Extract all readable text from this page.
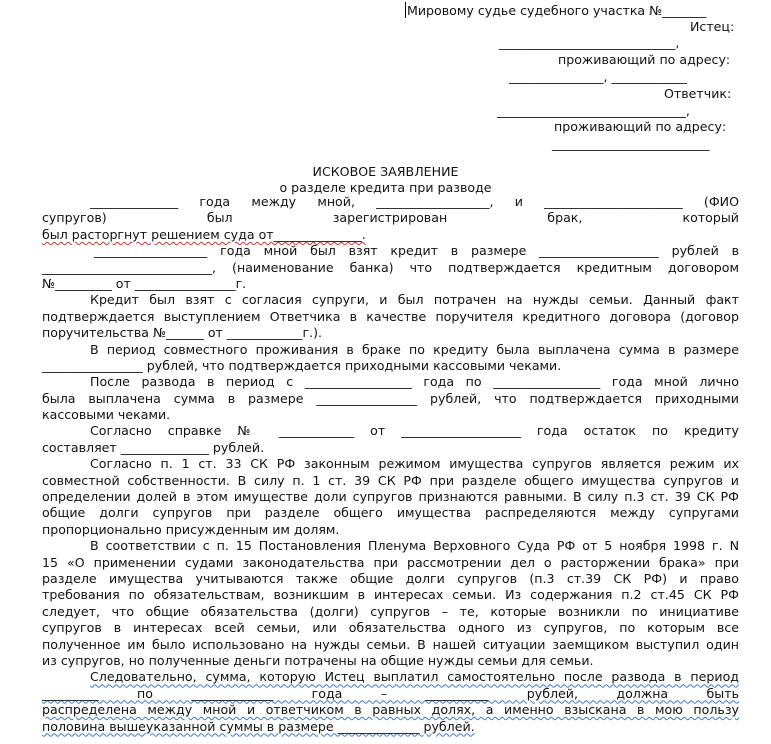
Мировому судье судебного участка №_______
Истец:
____________________________,
проживающий по адресу:
_______________, ____________
Ответчик:
______________________________,
проживающий по адресу:
_________________________
ИСКОВОЕ ЗАЯВЛЕНИЕ
о разделе кредита при разводе
______________ года между мной, __________________, и ______________________ (ФИО
супругов) был зарегистрирован брак, который
был расторгнут решением суда от______________.
__________________ года мной был взят кредит в размере ___________________ рублей в
___________________________, (наименование банка) что подтверждается кредитным договором
№_________ от ________________г.
Кредит был взят с согласия супруги, и был потрачен на нужды семьи. Данный факт
подтверждается выступлением Ответчика в качестве поручителя кредитного договора (договор
поручительства №______ от ____________г.).
В период совместного проживания в браке по кредиту была выплачена сумма в размере
________________ рублей, что подтверждается приходными кассовыми чеками.
После развода в период с _________________ года по _________________ года мной лично
была выплачена сумма в размере ________________ рублей, что подтверждается приходными
кассовыми чеками.
Согласно справке № ____________ от ___________________ года остаток по кредиту
составляет ______________ рублей.
Согласно п. 1 ст. 33 СК РФ законным режимом имущества супругов является режим их
совместной собственности. В силу п. 1 ст. 39 СК РФ при разделе общего имущества супругов и
определении долей в этом имуществе доли супругов признаются равными. В силу п.3 ст. 39 СК РФ
общие долги супругов при разделе общего имущества распределяются между супругами
пропорционально присужденным им долям.
В соответствии с п. 15 Постановления Пленума Верховного Суда РФ от 5 ноября 1998 г. N
15 «О применении судами законодательства при рассмотрении дел о расторжении брака» при
разделе имущества учитываются также общие долги супругов (п.3 ст.39 СК РФ) и право
требования по обязательствам, возникшим в интересах семьи. Из содержания п.2 ст.45 СК РФ
следует, что общие обязательства (долги) супругов – те, которые возникли по инициативе
супругов в интересах всей семьи, или обязательства одного из супругов, по которым все
полученное им было использовано на нужды семьи. В нашей ситуации заемщиком выступил один
из супругов, но полученные деньги потрачены на общие нужды семьи для семьи.
Следовательно, сумма, которую Истец выплатил самостоятельно после развода в период
_________ по _____________ года – __________ рублей, должна быть
распределена между мной и ответчиком в равных долях, а именно взыскана в мою пользу
половина вышеуказанной суммы в размере _____________ рублей.
